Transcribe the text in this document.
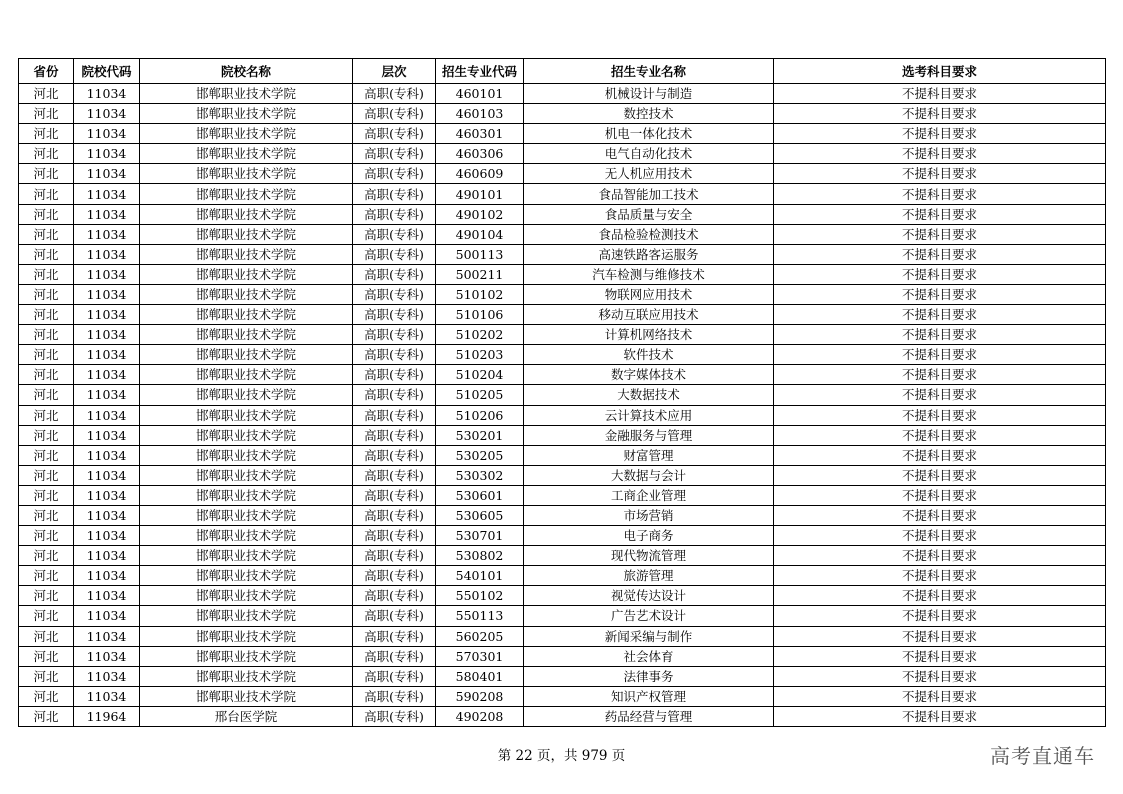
省份	院校代码	院校名称	层次	招生专业代码	招生专业名称	选考科目要求
河北	11034	邯郸职业技术学院	高职(专科)	460101	机械设计与制造	不提科目要求
河北	11034	邯郸职业技术学院	高职(专科)	460103	数控技术	不提科目要求
河北	11034	邯郸职业技术学院	高职(专科)	460301	机电一体化技术	不提科目要求
河北	11034	邯郸职业技术学院	高职(专科)	460306	电气自动化技术	不提科目要求
河北	11034	邯郸职业技术学院	高职(专科)	460609	无人机应用技术	不提科目要求
河北	11034	邯郸职业技术学院	高职(专科)	490101	食品智能加工技术	不提科目要求
河北	11034	邯郸职业技术学院	高职(专科)	490102	食品质量与安全	不提科目要求
河北	11034	邯郸职业技术学院	高职(专科)	490104	食品检验检测技术	不提科目要求
河北	11034	邯郸职业技术学院	高职(专科)	500113	高速铁路客运服务	不提科目要求
河北	11034	邯郸职业技术学院	高职(专科)	500211	汽车检测与维修技术	不提科目要求
河北	11034	邯郸职业技术学院	高职(专科)	510102	物联网应用技术	不提科目要求
河北	11034	邯郸职业技术学院	高职(专科)	510106	移动互联应用技术	不提科目要求
河北	11034	邯郸职业技术学院	高职(专科)	510202	计算机网络技术	不提科目要求
河北	11034	邯郸职业技术学院	高职(专科)	510203	软件技术	不提科目要求
河北	11034	邯郸职业技术学院	高职(专科)	510204	数字媒体技术	不提科目要求
河北	11034	邯郸职业技术学院	高职(专科)	510205	大数据技术	不提科目要求
河北	11034	邯郸职业技术学院	高职(专科)	510206	云计算技术应用	不提科目要求
河北	11034	邯郸职业技术学院	高职(专科)	530201	金融服务与管理	不提科目要求
河北	11034	邯郸职业技术学院	高职(专科)	530205	财富管理	不提科目要求
河北	11034	邯郸职业技术学院	高职(专科)	530302	大数据与会计	不提科目要求
河北	11034	邯郸职业技术学院	高职(专科)	530601	工商企业管理	不提科目要求
河北	11034	邯郸职业技术学院	高职(专科)	530605	市场营销	不提科目要求
河北	11034	邯郸职业技术学院	高职(专科)	530701	电子商务	不提科目要求
河北	11034	邯郸职业技术学院	高职(专科)	530802	现代物流管理	不提科目要求
河北	11034	邯郸职业技术学院	高职(专科)	540101	旅游管理	不提科目要求
河北	11034	邯郸职业技术学院	高职(专科)	550102	视觉传达设计	不提科目要求
河北	11034	邯郸职业技术学院	高职(专科)	550113	广告艺术设计	不提科目要求
河北	11034	邯郸职业技术学院	高职(专科)	560205	新闻采编与制作	不提科目要求
河北	11034	邯郸职业技术学院	高职(专科)	570301	社会体育	不提科目要求
河北	11034	邯郸职业技术学院	高职(专科)	580401	法律事务	不提科目要求
河北	11034	邯郸职业技术学院	高职(专科)	590208	知识产权管理	不提科目要求
河北	11964	邢台医学院	高职(专科)	490208	药品经营与管理	不提科目要求
第 22 页，共 979 页	高考直通车
